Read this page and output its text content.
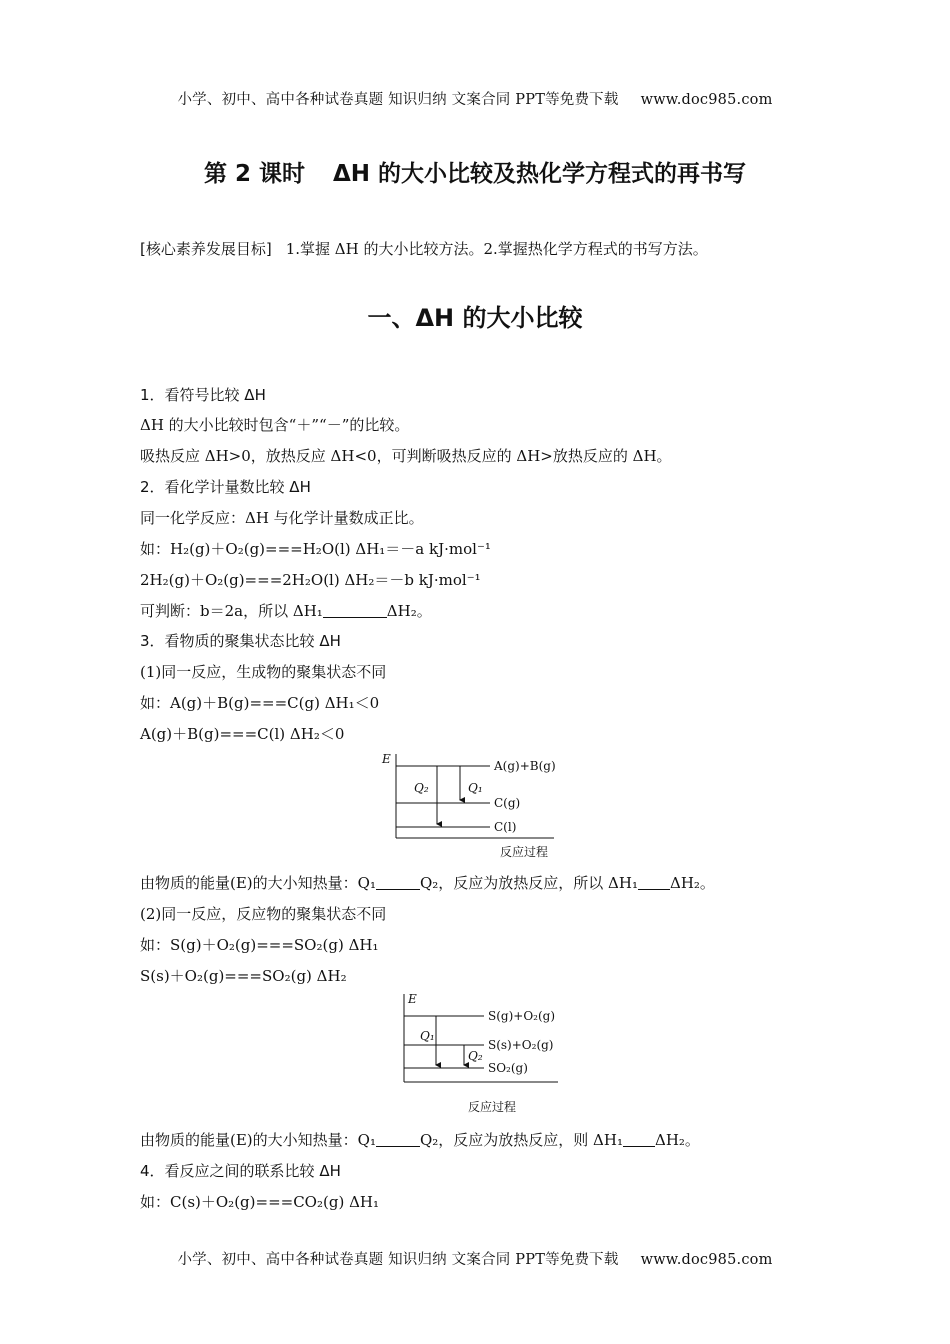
小学、初中、高中各种试卷真题 知识归纳 文案合同 PPT等免费下载 www.doc985.com
第 2 课时 ΔH 的大小比较及热化学方程式的再书写
[核心素养发展目标] 1.掌握 ΔH 的大小比较方法。2.掌握热化学方程式的书写方法。
一、ΔH 的大小比较
1．看符号比较 ΔH
ΔH 的大小比较时包含“＋”“－”的比较。
吸热反应 ΔH>0，放热反应 ΔH<0，可判断吸热反应的 ΔH>放热反应的 ΔH。
2．看化学计量数比较 ΔH
同一化学反应：ΔH 与化学计量数成正比。
如：H₂(g)＋O₂(g)===H₂O(l) ΔH₁＝－a kJ·mol⁻¹
2H₂(g)＋O₂(g)===2H₂O(l) ΔH₂＝－b kJ·mol⁻¹
可判断：b＝2a，所以 ΔH₁	ΔH₂。
3．看物质的聚集状态比较 ΔH
(1)同一反应，生成物的聚集状态不同
如：A(g)＋B(g)===C(g) ΔH₁＜0
A(g)＋B(g)===C(l) ΔH₂＜0
E
反应过程
A(g)+B(g)
C(g)
C(l)
Q₂	Q₁
由物质的能量(E)的大小知热量：Q₁	Q₂，反应为放热反应，所以 ΔH₁ ΔH₂。
(2)同一反应，反应物的聚集状态不同
如：S(g)＋O₂(g)===SO₂(g) ΔH₁
S(s)＋O₂(g)===SO₂(g) ΔH₂
E
反应过程
S(g)+O₂(g)
S(s)+O₂(g)
SO₂(g)
Q₁
Q₂
由物质的能量(E)的大小知热量：Q₁	Q₂，反应为放热反应，则 ΔH₁ ΔH₂。
4．看反应之间的联系比较 ΔH
如：C(s)＋O₂(g)===CO₂(g) ΔH₁
小学、初中、高中各种试卷真题 知识归纳 文案合同 PPT等免费下载 www.doc985.com
